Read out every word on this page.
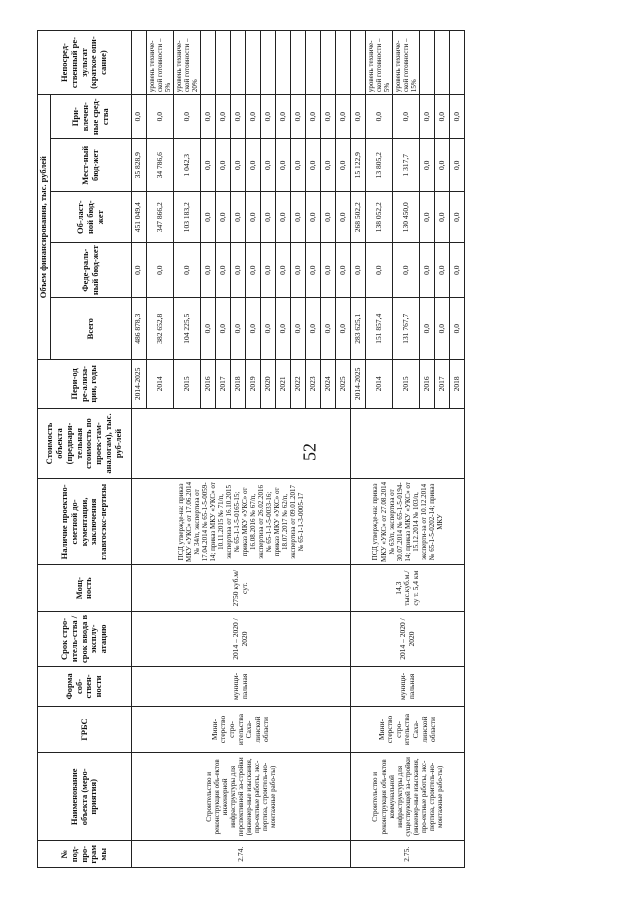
52
№ под-про-грам мы	Наименование объекта (меро-приятия)	ГРБС	Форма соб-ствен-ности	Срок стро-итель-ства / срок ввода в эксплу-атацию	Мощ-ность	Наличие проектно-сметной до-кументации, заключения главгосэкс-пертизы	Стоимость объекта (предвари-тельная стоимость по проек-там-аналогам), тыс. руб-лей	Пери-од ре-ализа-ции, годы	Объем финансирования, тыс. рублей					Непосред-ственный ре-зультат (краткое опи-сание)
									Всего	Феде-раль-ный бюд-жет	Об-ласт-ной бюд-жет	Мест-ный бюд-жет	При-влечен-ные сред-ства	
2.74.	Строительство и реконструкция объ-ектов инженерной инфраструктуры для перспективной за-стройки (инженер-ные изыскания, про-ектные работы, экс-пертиза, строитель-но-монтажные рабо-ты)	Мини-стерство стро-ительства Саха-линской области	муници-пальная	2014 – 2020 / 2020	2750 куб.м/сут.	ПСД утвержде-на: приказ МКУ «УКС» от 17.06.2014 № 34/п, экспертиза от 17.04.2014 № 65-1-5-0059-14; приказ МКУ «УКС» от 10.11.2015 № 71/п, экспертиза от 16.10.2015 № 65-1-1-5-0165-15; приказ МКУ «УКС» от 16.08.2016 № 67/п, экспертиза от 26.02.2016 № 65-1-1-5-0033-16; приказ МКУ «УКС» от 18.07.2017 № 62/п, экспертиза от 09.01.2017 № 65-1-1-3-0005-17		2014-2025	486 878,3	0,0	451 049,4	35 828,9	0,0	
								2014	382 652,8	0,0	347 866,2	34 786,6	0,0	уровень техниче-ской готовности – 5%
								2015	104 225,5	0,0	103 183,2	1 042,3	0,0	уровень техниче-ской готовности – 20%
								2016	0,0	0,0	0,0	0,0	0,0	
								2017	0,0	0,0	0,0	0,0	0,0	
								2018	0,0	0,0	0,0	0,0	0,0	
								2019	0,0	0,0	0,0	0,0	0,0	
								2020	0,0	0,0	0,0	0,0	0,0	
								2021	0,0	0,0	0,0	0,0	0,0	
								2022	0,0	0,0	0,0	0,0	0,0	
								2023	0,0	0,0	0,0	0,0	0,0	
								2024	0,0	0,0	0,0	0,0	0,0	
								2025	0,0	0,0	0,0	0,0	0,0	
2.75.	Строительство и реконструкция объ-ектов коммунальной инфраструктуры для существующей за-стройки (инженер-ные изыскания, про-ектные работы, экс-пертиза, строитель-но-монтажные рабо-ты)	Мини-стерство стро-ительства Саха-линской области	муници-пальная	2014 – 2020 / 2020	14,3 тыс.куб.м./су т. 5,4 км	ПСД утвержде-на: приказ МКУ «УКС» от 27.08.2014 № 63/п, экспертиза от 30.07.2014 № 65-1-5-0194-14; приказ МКУ «УКС» от 15.12.2014 № 103/п, эксперти-за от 10.12.2014 № 65-1-5-0202-14; приказ МКУ		2014-2025	283 625,1	0,0	268 502,2	15 122,9	0,0	
								2014	151 857,4	0,0	138 052,2	13 805,2	0,0	уровень техниче-ской готовности – 5%
								2015	131 767,7	0,0	130 450,0	1 317,7	0,0	уровень техниче-ской готовности – 15%
								2016	0,0	0,0	0,0	0,0	0,0	
								2017	0,0	0,0	0,0	0,0	0,0	
								2018	0,0	0,0	0,0	0,0	0,0	
